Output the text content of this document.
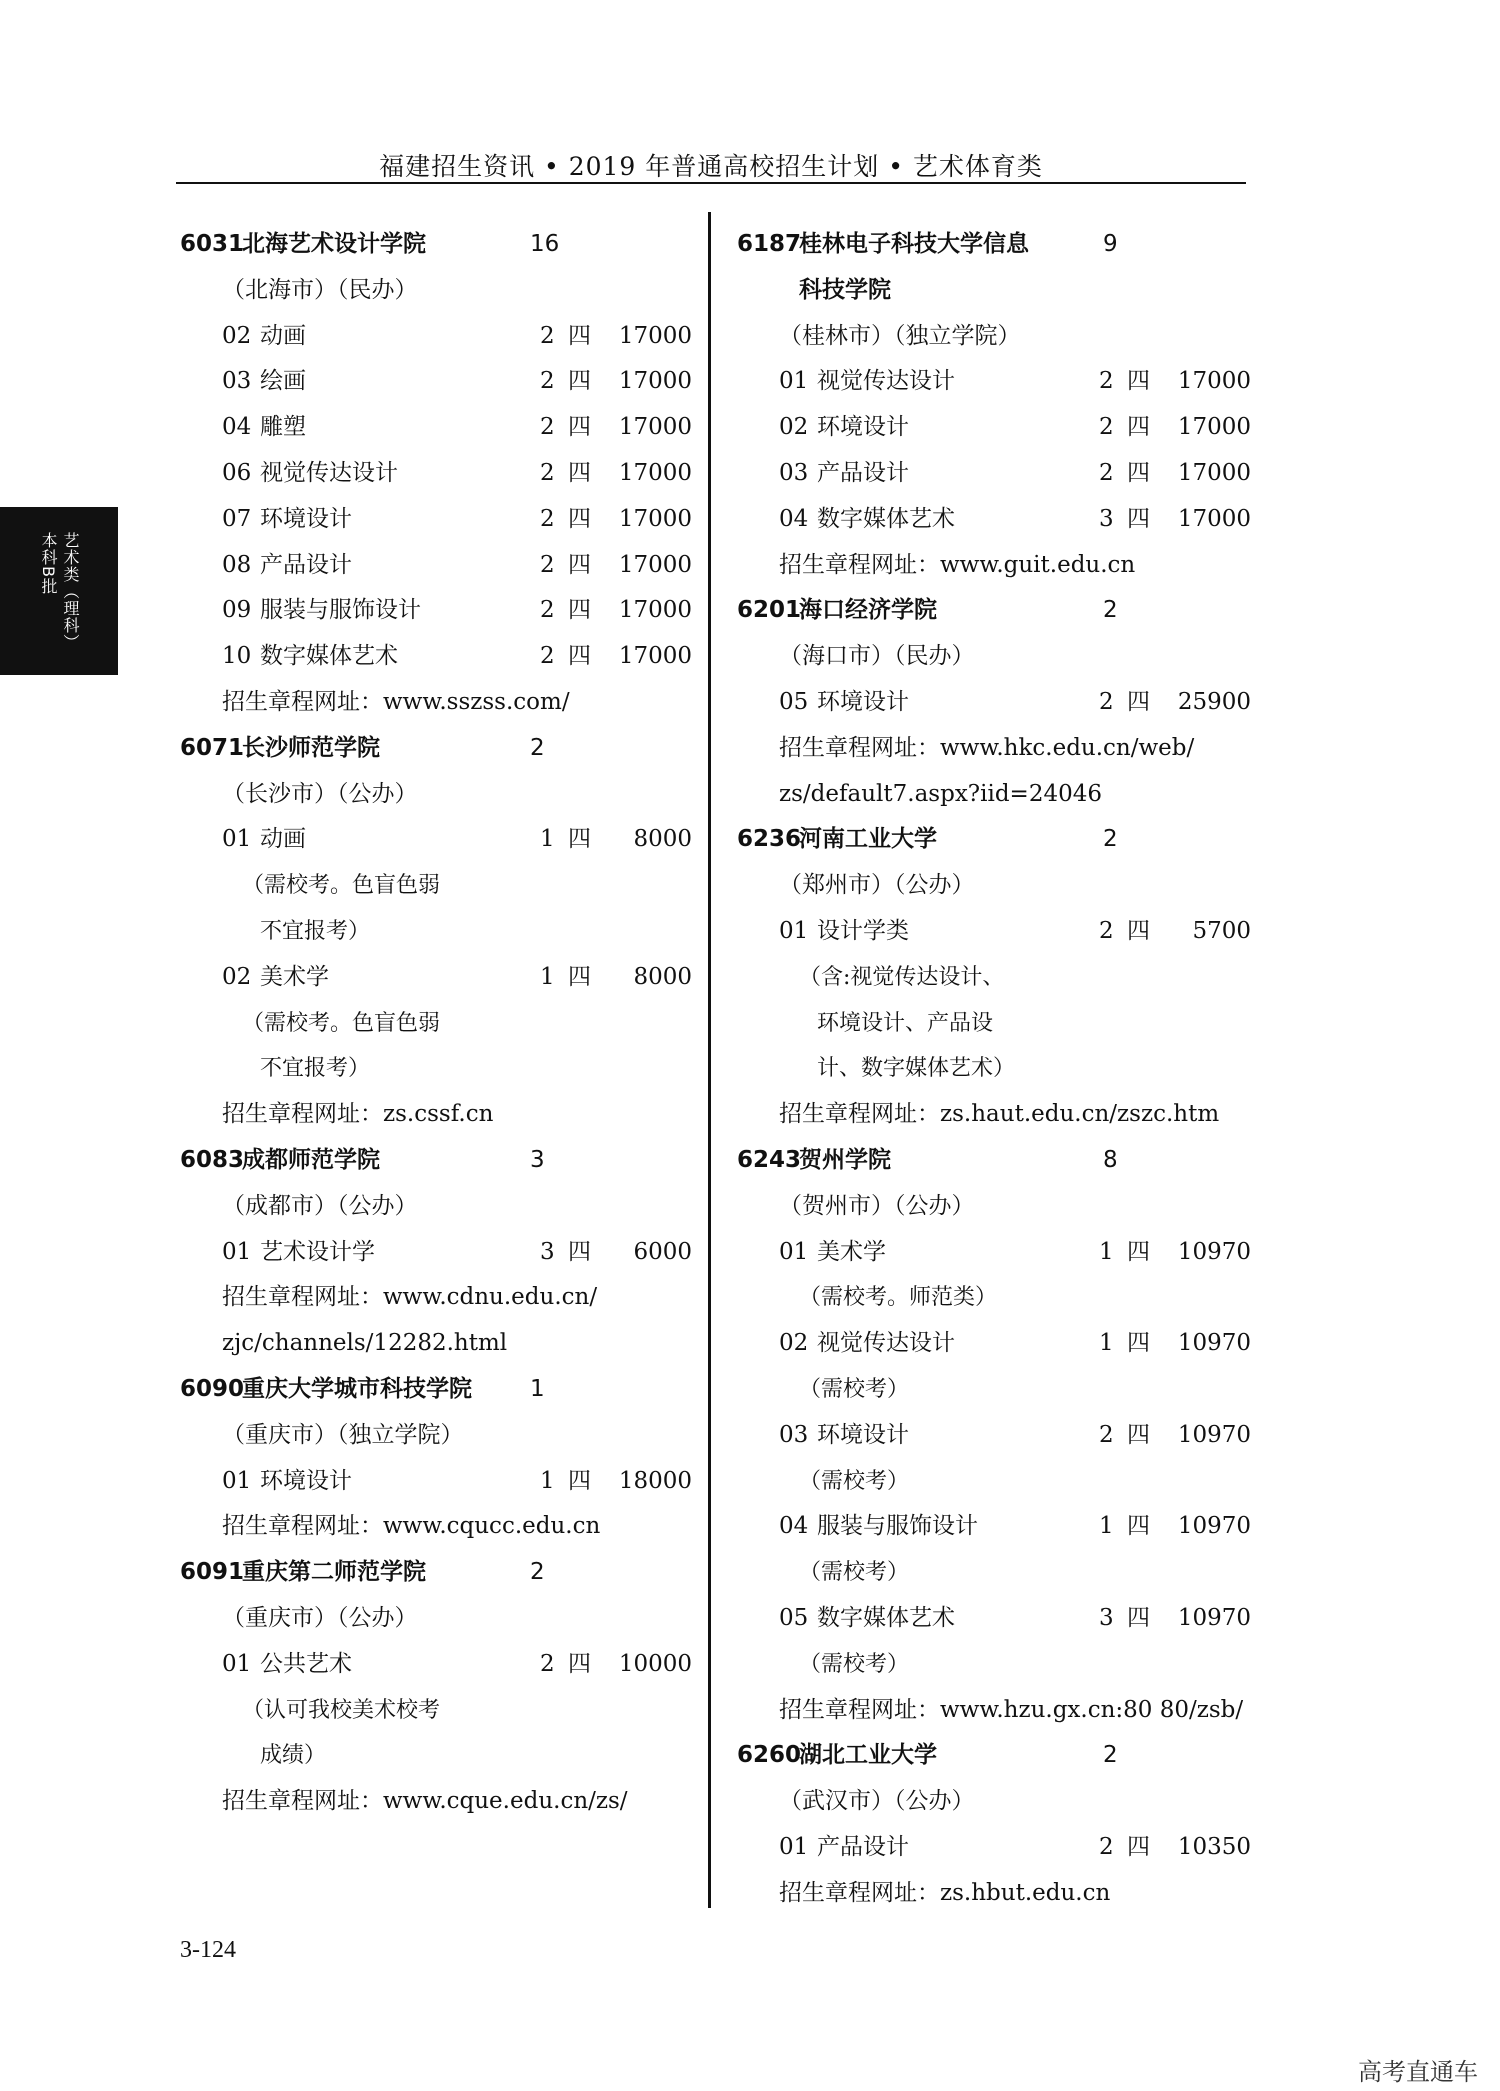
福建招生资讯 • 2019 年普通高校招生计划 • 艺术体育类
艺术类（理科）
本科B批
6031北海艺术设计学院	16
（北海市）（民办）
02 动画	2 四 17000
03 绘画	2 四 17000
04 雕塑	2 四 17000
06 视觉传达设计	2 四 17000
07 环境设计	2 四 17000
08 产品设计	2 四 17000
09 服装与服饰设计	2 四 17000
10 数字媒体艺术	2 四 17000
招生章程网址：www.sszss.com/
6071长沙师范学院	2
（长沙市）（公办）
01 动画	1 四 8000
（需校考。色盲色弱
不宜报考）
02 美术学	1 四 8000
（需校考。色盲色弱
不宜报考）
招生章程网址：zs.cssf.cn
6083成都师范学院	3
（成都市）（公办）
01 艺术设计学	3 四 6000
招生章程网址：www.cdnu.edu.cn/
zjc/channels/12282.html
6090重庆大学城市科技学院	1
（重庆市）（独立学院）
01 环境设计	1 四 18000
招生章程网址：www.cqucc.edu.cn
6091重庆第二师范学院	2
（重庆市）（公办）
01 公共艺术	2 四 10000
（认可我校美术校考
成绩）
招生章程网址：www.cque.edu.cn/zs/
6187桂林电子科技大学信息	9
科技学院
（桂林市）（独立学院）
01 视觉传达设计	2 四 17000
02 环境设计	2 四 17000
03 产品设计	2 四 17000
04 数字媒体艺术	3 四 17000
招生章程网址：www.guit.edu.cn
6201海口经济学院	2
（海口市）（民办）
05 环境设计	2 四 25900
招生章程网址：www.hkc.edu.cn/web/
zs/default7.aspx?iid=24046
6236河南工业大学	2
（郑州市）（公办）
01 设计学类	2 四 5700
（含:视觉传达设计、
环境设计、产品设
计、数字媒体艺术）
招生章程网址：zs.haut.edu.cn/zszc.htm
6243贺州学院	8
（贺州市）（公办）
01 美术学	1 四 10970
（需校考。师范类）
02 视觉传达设计	1 四 10970
（需校考）
03 环境设计	2 四 10970
（需校考）
04 服装与服饰设计	1 四 10970
（需校考）
05 数字媒体艺术	3 四 10970
（需校考）
招生章程网址：www.hzu.gx.cn:80 80/zsb/
6260湖北工业大学	2
（武汉市）（公办）
01 产品设计	2 四 10350
招生章程网址：zs.hbut.edu.cn
3-124
高考直通车
